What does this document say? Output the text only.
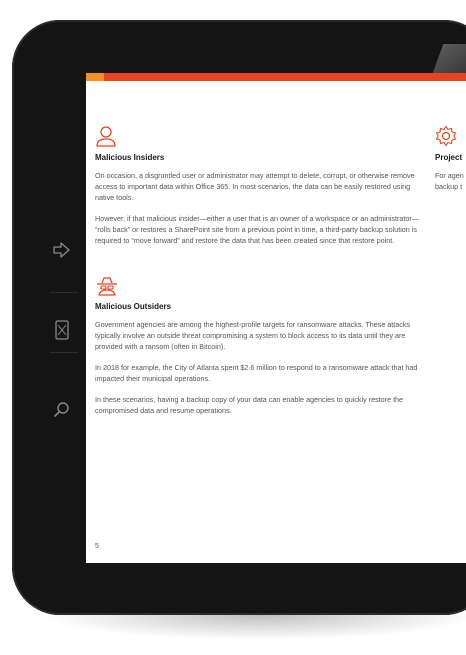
Malicious Insiders

On occasion, a disgruntled user or administrator may attempt to delete, corrupt, or otherwise remove access to important data within Office 365. In most scenarios, the data can be easily restored using native tools.

However, if that malicious insider—either a user that is an owner of a workspace or an administrator— “rolls back” or restores a SharePoint site from a previous point in time, a third-party backup solution is required to “move forward” and restore the data that has been created since that restore point.

Malicious Outsiders

Government agencies are among the highest-profile targets for ransomware attacks. These attacks typically involve an outside threat compromising a system to block access to its data until they are provided with a ransom (often in Bitcoin).

In 2018 for example, the City of Atlanta spent $2.6 million to respond to a ransomware attack that had impacted their municipal operations.

In these scenarios, having a backup copy of your data can enable agencies to quickly restore the compromised data and resume operations.

Project

For agen

backup t

5
